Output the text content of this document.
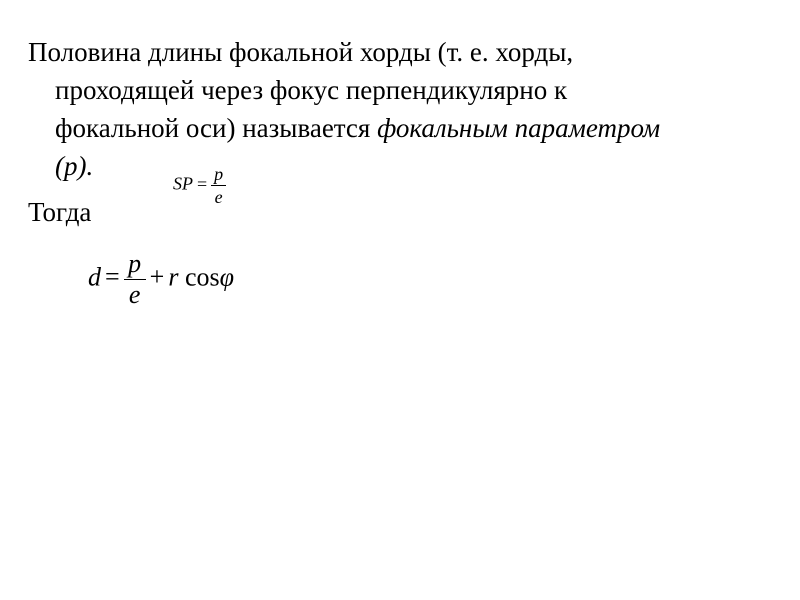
Половина длины фокальной хорды (т. е. хорды,
проходящей через фокус перпендикулярно к
фокальной оси) называется фокальным параметром
(p).
Тогда
SP = $\frac{p}{e}$
$d = \frac{p}{e} + r$ cosφ
